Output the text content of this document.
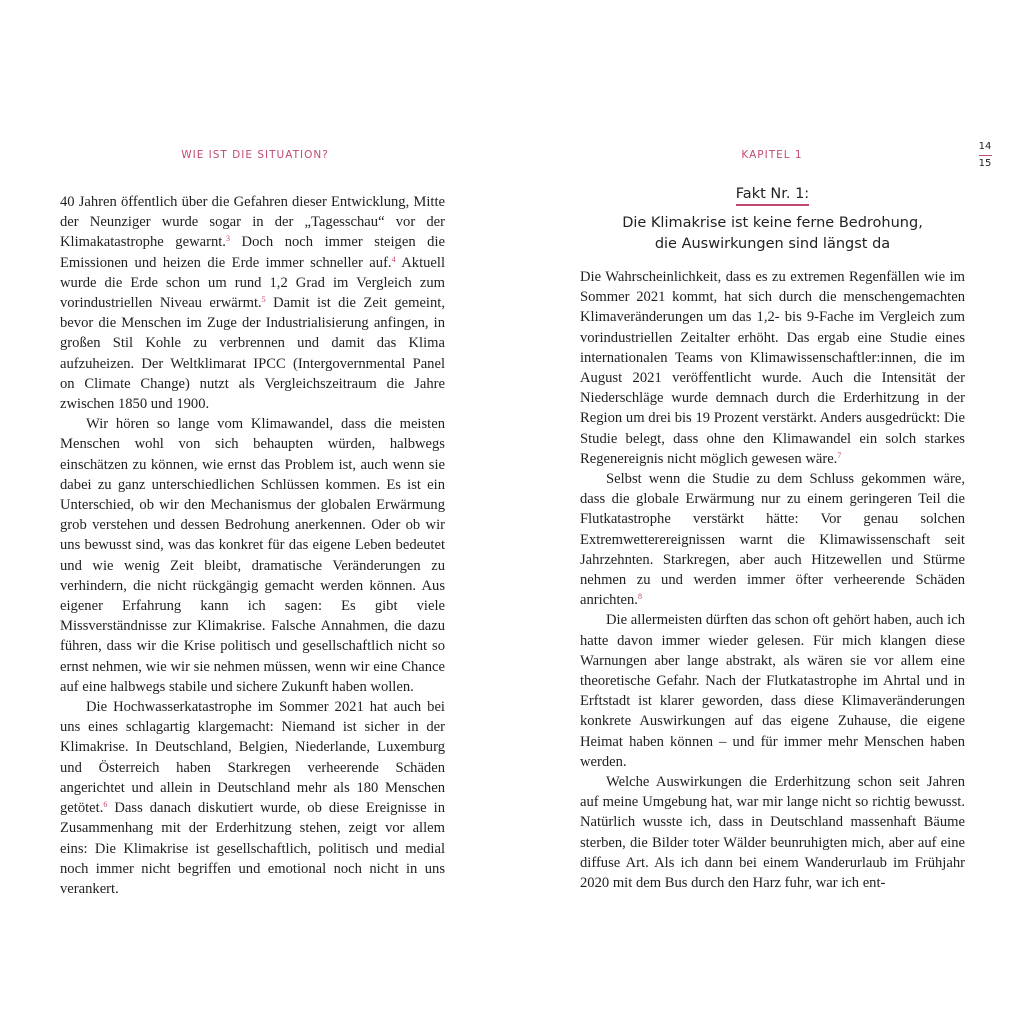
WIE IST DIE SITUATION?	KAPITEL 1
14
15

40 Jahren öffentlich über die Gefahren dieser Entwicklung, Mitte der Neunziger wurde sogar in der „Tagesschau“ vor der Klimakatastrophe gewarnt.$^3$ Doch noch immer steigen die Emissionen und heizen die Erde immer schneller auf.$^4$ Aktuell wurde die Erde schon um rund 1,2 Grad im Vergleich zum vorindustriellen Niveau erwärmt.$^5$ Damit ist die Zeit gemeint, bevor die Menschen im Zuge der Industrialisierung anfingen, in großen Stil Kohle zu verbrennen und damit das Klima aufzuheizen. Der Weltklimarat IPCC (Intergovernmental Panel on Climate Change) nutzt als Vergleichszeitraum die Jahre zwischen 1850 und 1900.

Wir hören so lange vom Klimawandel, dass die meisten Menschen wohl von sich behaupten würden, halbwegs einschätzen zu können, wie ernst das Problem ist, auch wenn sie dabei zu ganz unterschiedlichen Schlüssen kommen. Es ist ein Unterschied, ob wir den Mechanismus der globalen Erwärmung grob verstehen und dessen Bedrohung anerkennen. Oder ob wir uns bewusst sind, was das konkret für das eigene Leben bedeutet und wie wenig Zeit bleibt, dramatische Veränderungen zu verhindern, die nicht rückgängig gemacht werden können. Aus eigener Erfahrung kann ich sagen: Es gibt viele Missverständnisse zur Klimakrise. Falsche Annahmen, die dazu führen, dass wir die Krise politisch und gesellschaftlich nicht so ernst nehmen, wie wir sie nehmen müssen, wenn wir eine Chance auf eine halbwegs stabile und sichere Zukunft haben wollen.

Die Hochwasserkatastrophe im Sommer 2021 hat auch bei uns eines schlagartig klargemacht: Niemand ist sicher in der Klimakrise. In Deutschland, Belgien, Niederlande, Luxemburg und Österreich haben Starkregen verheerende Schäden angerichtet und allein in Deutschland mehr als 180 Menschen getötet.$^6$ Dass danach diskutiert wurde, ob diese Ereignisse in Zusammenhang mit der Erderhitzung stehen, zeigt vor allem eins: Die Klimakrise ist gesellschaftlich, politisch und medial noch immer nicht begriffen und emotional noch nicht in uns verankert.

Fakt Nr. 1:
Die Klimakrise ist keine ferne Bedrohung,
die Auswirkungen sind längst da

Die Wahrscheinlichkeit, dass es zu extremen Regenfällen wie im Sommer 2021 kommt, hat sich durch die menschengemachten Klimaveränderungen um das 1,2- bis 9-Fache im Vergleich zum vorindustriellen Zeitalter erhöht. Das ergab eine Studie eines internationalen Teams von Klimawissenschaftler:innen, die im August 2021 veröffentlicht wurde. Auch die Intensität der Niederschläge wurde demnach durch die Erderhitzung in der Region um drei bis 19 Prozent verstärkt. Anders ausgedrückt: Die Studie belegt, dass ohne den Klimawandel ein solch starkes Regenereignis nicht möglich gewesen wäre.$^7$

Selbst wenn die Studie zu dem Schluss gekommen wäre, dass die globale Erwärmung nur zu einem geringeren Teil die Flutkatastrophe verstärkt hätte: Vor genau solchen Extremwetterereignissen warnt die Klimawissenschaft seit Jahrzehnten. Starkregen, aber auch Hitzewellen und Stürme nehmen zu und werden immer öfter verheerende Schäden anrichten.$^8$

Die allermeisten dürften das schon oft gehört haben, auch ich hatte davon immer wieder gelesen. Für mich klangen diese Warnungen aber lange abstrakt, als wären sie vor allem eine theoretische Gefahr. Nach der Flutkatastrophe im Ahrtal und in Erftstadt ist klarer geworden, dass diese Klimaveränderungen konkrete Auswirkungen auf das eigene Zuhause, die eigene Heimat haben können – und für immer mehr Menschen haben werden.

Welche Auswirkungen die Erderhitzung schon seit Jahren auf meine Umgebung hat, war mir lange nicht so richtig bewusst. Natürlich wusste ich, dass in Deutschland massenhaft Bäume sterben, die Bilder toter Wälder beunruhigten mich, aber auf eine diffuse Art. Als ich dann bei einem Wanderurlaub im Frühjahr 2020 mit dem Bus durch den Harz fuhr, war ich ent-
